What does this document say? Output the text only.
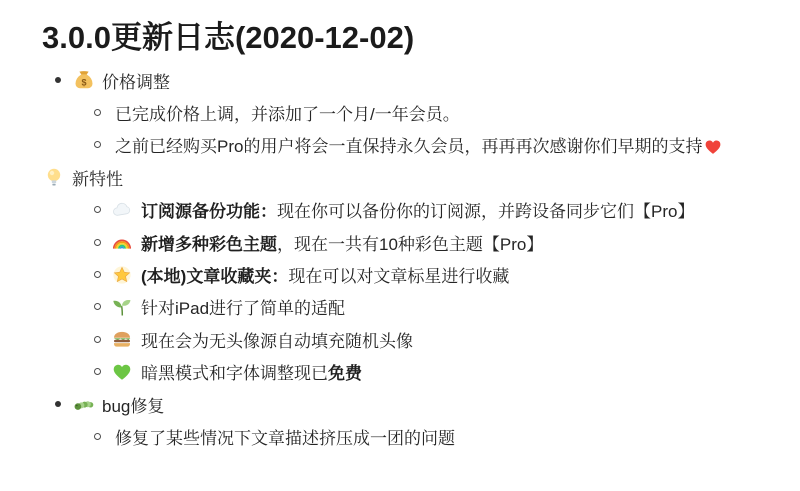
3.0.0更新日志(2020-12-02)
$ 价格调整
已完成价格上调，并添加了一个月/一年会员。
之前已经购买Pro的用户将会一直保持永久会员，再再再次感谢你们早期的支持
新特性
订阅源备份功能：现在你可以备份你的订阅源，并跨设备同步它们【Pro】
新增多种彩色主题，现在一共有10种彩色主题【Pro】
(本地)文章收藏夹：现在可以对文章标星进行收藏
针对iPad进行了简单的适配
现在会为无头像源自动填充随机头像
暗黑模式和字体调整现已免费
bug修复
修复了某些情况下文章描述挤压成一团的问题
